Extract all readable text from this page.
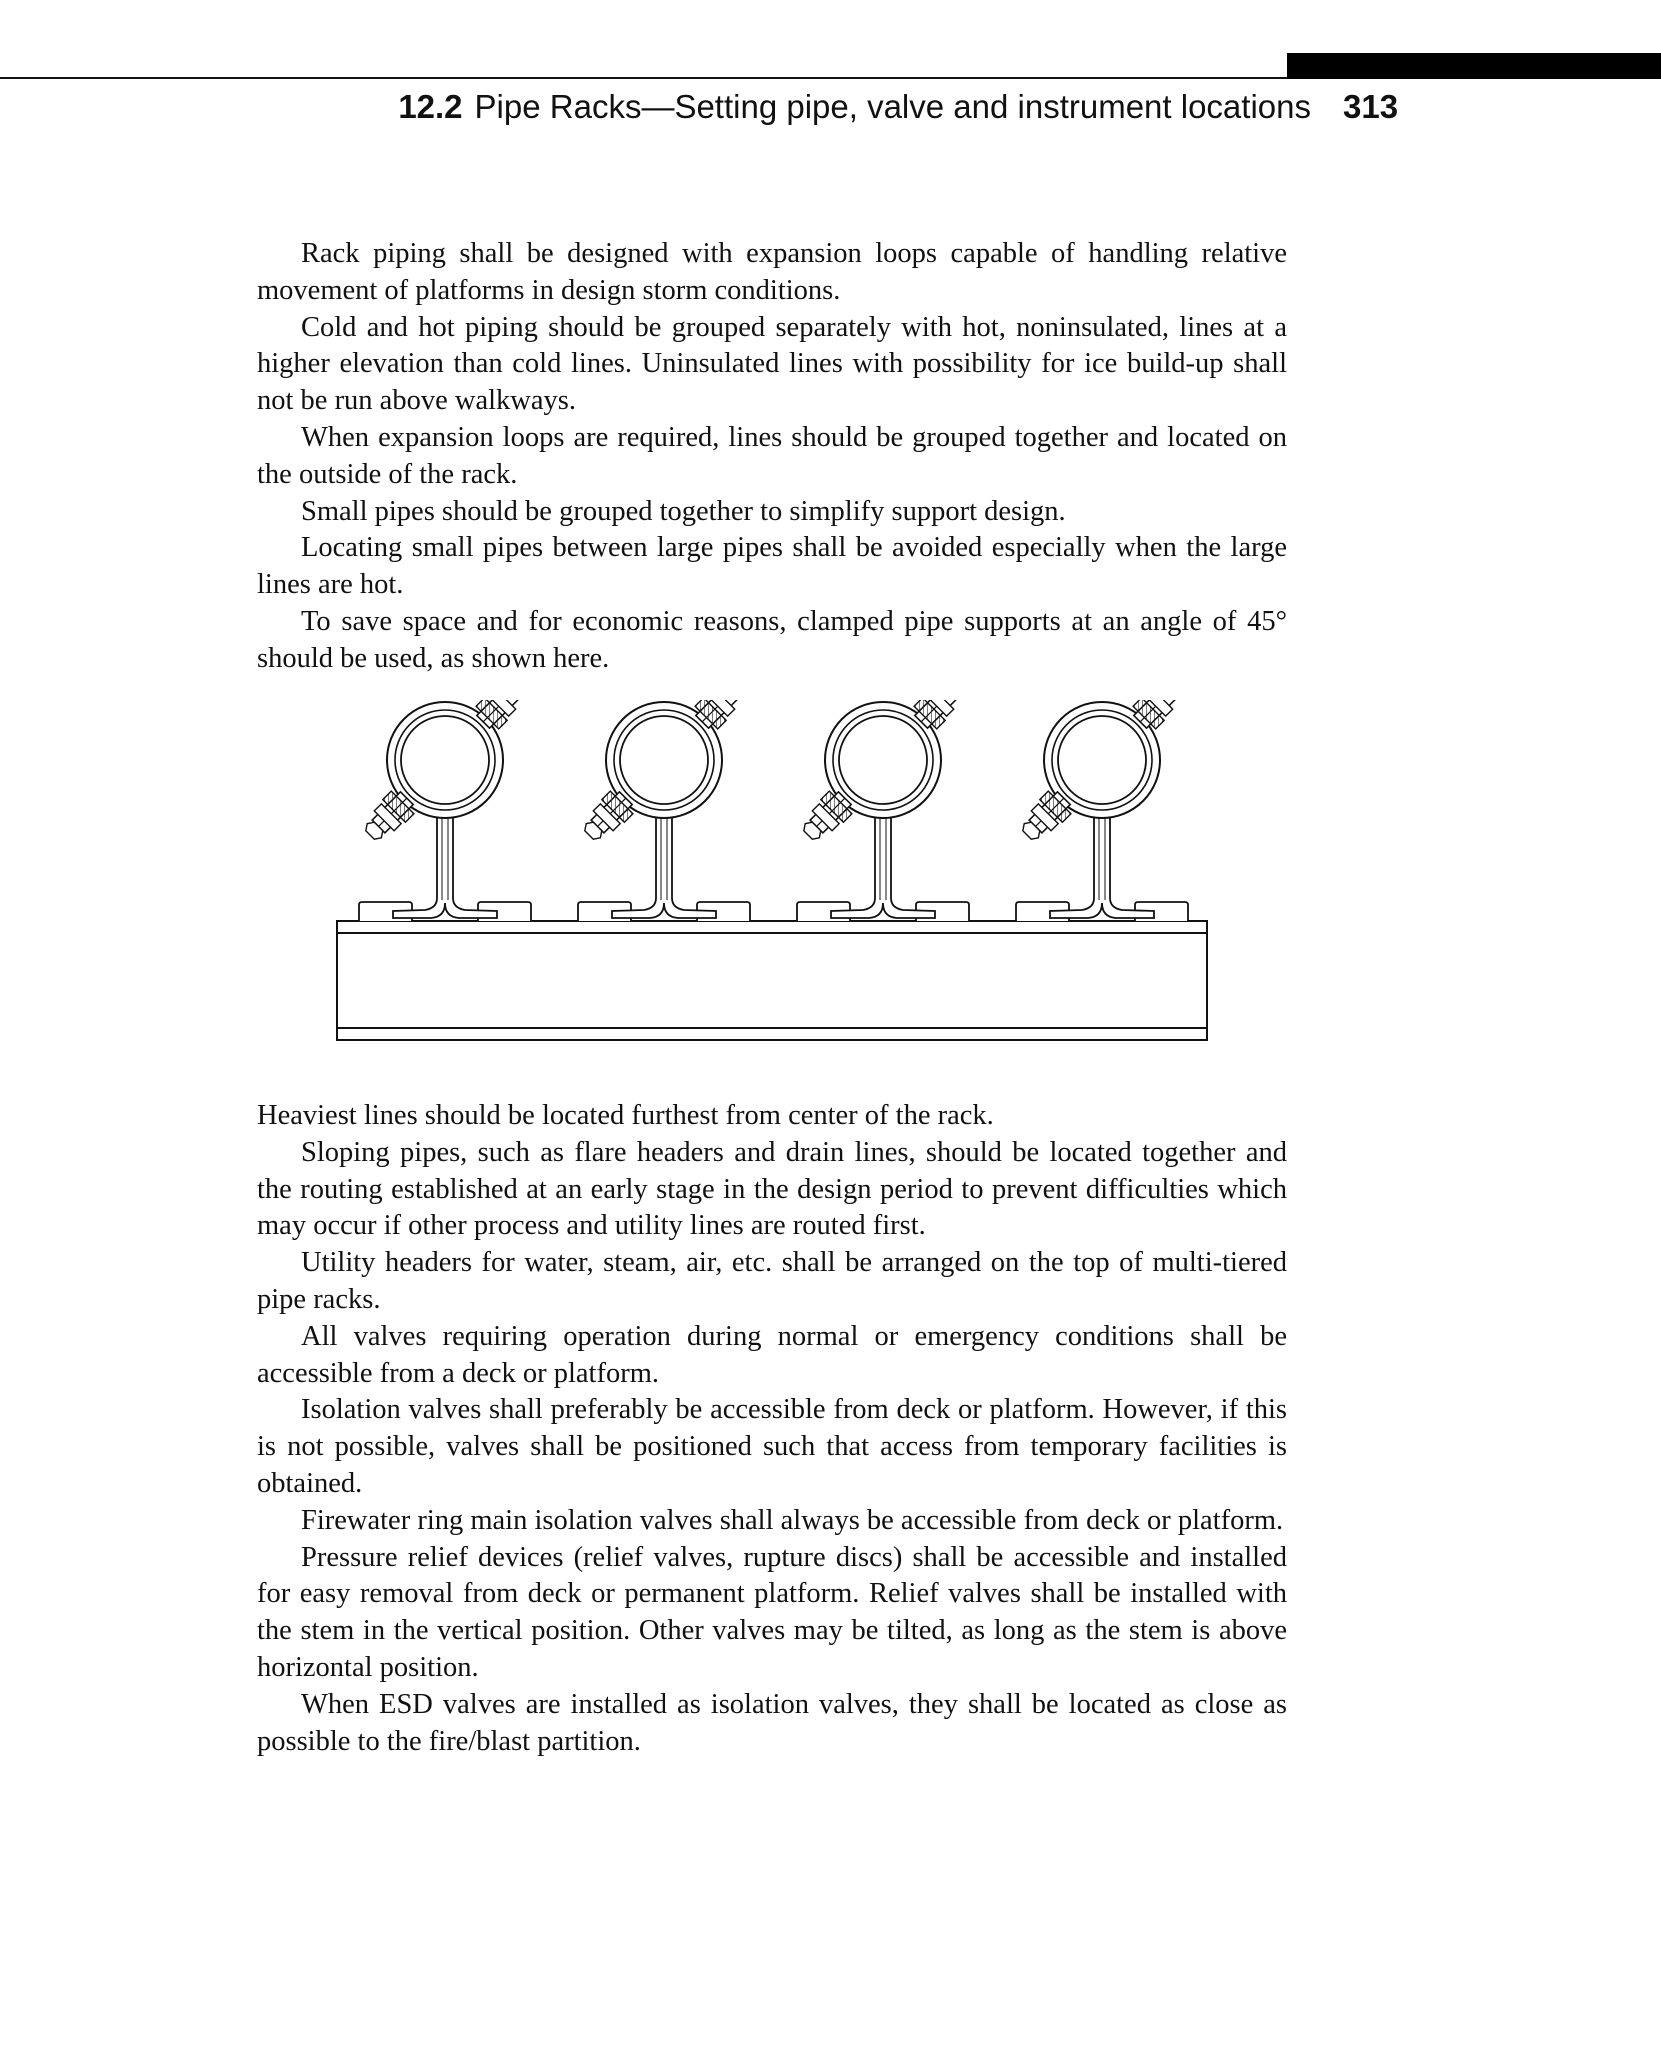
12.2 Pipe Racks—Setting pipe, valve and instrument locations 313

Rack piping shall be designed with expansion loops capable of handling relative movement of platforms in design storm conditions.

Cold and hot piping should be grouped separately with hot, noninsulated, lines at a higher elevation than cold lines. Uninsulated lines with possibility for ice build-up shall not be run above walkways.

When expansion loops are required, lines should be grouped together and located on the outside of the rack.

Small pipes should be grouped together to simplify support design.

Locating small pipes between large pipes shall be avoided especially when the large lines are hot.

To save space and for economic reasons, clamped pipe supports at an angle of 45° should be used, as shown here.

Heaviest lines should be located furthest from center of the rack.

Sloping pipes, such as flare headers and drain lines, should be located together and the routing established at an early stage in the design period to prevent difficulties which may occur if other process and utility lines are routed first.

Utility headers for water, steam, air, etc. shall be arranged on the top of multi-tiered pipe racks.

All valves requiring operation during normal or emergency conditions shall be accessible from a deck or platform.

Isolation valves shall preferably be accessible from deck or platform. However, if this is not possible, valves shall be positioned such that access from temporary facilities is obtained.

Firewater ring main isolation valves shall always be accessible from deck or platform.

Pressure relief devices (relief valves, rupture discs) shall be accessible and installed for easy removal from deck or permanent platform. Relief valves shall be installed with the stem in the vertical position. Other valves may be tilted, as long as the stem is above horizontal position.

When ESD valves are installed as isolation valves, they shall be located as close as possible to the fire/blast partition.
